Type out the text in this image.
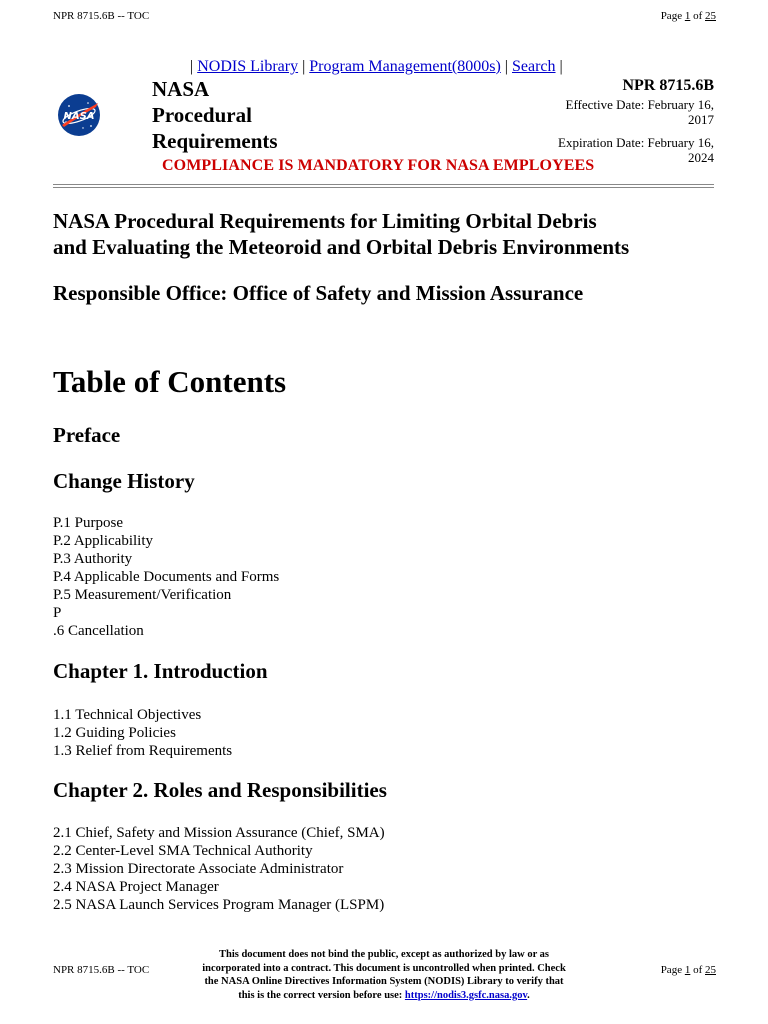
NPR 8715.6B -- TOC	Page 1 of 25
| NODIS Library | Program Management(8000s) | Search |
NASA
NASA
Procedural
Requirements
NPR 8715.6B
Effective Date: February 16,
2017
Expiration Date: February 16,
2024
COMPLIANCE IS MANDATORY FOR NASA EMPLOYEES
NASA Procedural Requirements for Limiting Orbital Debris
and Evaluating the Meteoroid and Orbital Debris Environments
Responsible Office: Office of Safety and Mission Assurance
Table of Contents
Preface
Change History
P.1 Purpose
P.2 Applicability
P.3 Authority
P.4 Applicable Documents and Forms
P.5 Measurement/Verification
P
.6 Cancellation
Chapter 1. Introduction
1.1 Technical Objectives
1.2 Guiding Policies
1.3 Relief from Requirements
Chapter 2. Roles and Responsibilities
2.1 Chief, Safety and Mission Assurance (Chief, SMA)
2.2 Center-Level SMA Technical Authority
2.3 Mission Directorate Associate Administrator
2.4 NASA Project Manager
2.5 NASA Launch Services Program Manager (LSPM)
NPR 8715.6B -- TOC
This document does not bind the public, except as authorized by law or as
incorporated into a contract. This document is uncontrolled when printed. Check
the NASA Online Directives Information System (NODIS) Library to verify that
this is the correct version before use: https://nodis3.gsfc.nasa.gov.
Page 1 of 25
